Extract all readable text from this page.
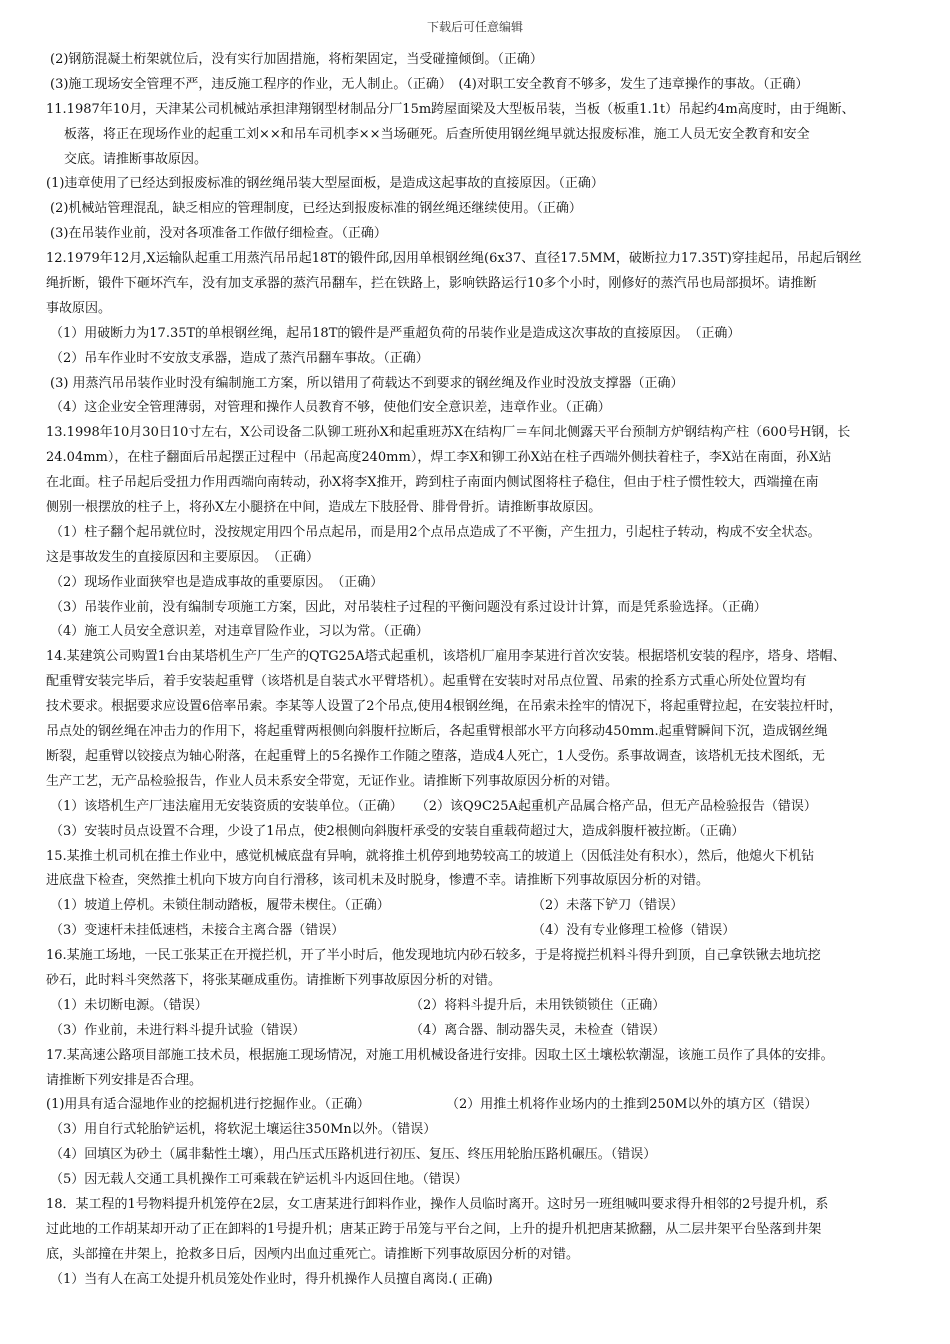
下载后可任意编辑
(2)钢筋混凝土桁架就位后，没有实行加固措施，将桁架固定，当受碰撞倾倒。（正确）
(3)施工现场安全管理不严，违反施工程序的作业，无人制止。（正确）　(4)对职工安全教育不够多，发生了违章操作的事故。（正确）
11.1987年10月，天津某公司机械站承担津翔钢型材制品分厂15m跨屋面梁及大型板吊装，当板（板重1.1t）吊起约4m高度时，由于绳断、
板落，将正在现场作业的起重工刘××和吊车司机李××当场砸死。后查所使用钢丝绳早就达报废标准，施工人员无安全教育和安全
交底。请推断事故原因。
(1)违章使用了已经达到报废标准的钢丝绳吊装大型屋面板，是造成这起事故的直接原因。（正确）
(2)机械站管理混乱，缺乏相应的管理制度，已经达到报废标准的钢丝绳还继续使用。（正确）
(3)在吊装作业前，没对各项准备工作做仔细检查。（正确）
12.1979年12月,X运输队起重工用蒸汽吊吊起18T的锻件邱,因用单根钢丝绳(6x37、直径17.5MM，破断拉力17.35T)穿挂起吊，吊起后钢丝
绳折断，锻件下砸坏汽车，没有加支承器的蒸汽吊翻车，拦在铁路上，影响铁路运行10多个小时，刚修好的蒸汽吊也局部损坏。请推断
事故原因。
（1）用破断力为17.35T的单根钢丝绳，起吊18T的锻件是严重超负荷的吊装作业是造成这次事故的直接原因。　（正确）
（2）吊车作业时不安放支承器，造成了蒸汽吊翻车事故。（正确）
(3) 用蒸汽吊吊装作业时没有编制施工方案，所以错用了荷载达不到要求的钢丝绳及作业时没放支撑器（正确）
（4）这企业安全管理薄弱，对管理和操作人员教育不够，使他们安全意识差，违章作业。（正确）
13.1998年10月30日10寸左右，X公司设备二队铆工班孙X和起重班苏X在结构厂＝车间北侧露天平台预制方炉钢结构产柱（600号H钢，长
24.04mm），在柱子翻面后吊起摆正过程中（吊起高度240mm），焊工李X和铆工孙X站在柱子西端外侧扶着柱子，李X站在南面，孙X站
在北面。柱子吊起后受扭力作用西端向南转动，孙X将李X推开，跨到柱子南面内侧试图将柱子稳住，但由于柱子惯性较大，西端撞在南
侧别一根摆放的柱子上，将孙X左小腿挤在中间，造成左下肢胫骨、腓骨骨折。请推断事故原因。
（1）柱子翻个起吊就位时，没按规定用四个吊点起吊，而是用2个点吊点造成了不平衡，产生扭力，引起柱子转动，构成不安全状态。
这是事故发生的直接原因和主要原因。　（正确）
（2）现场作业面狭窄也是造成事故的重要原因。　（正确）
（3）吊装作业前，没有编制专项施工方案，因此，对吊装柱子过程的平衡问题没有系过设计计算，而是凭系验选择。（正确）
（4）施工人员安全意识差，对违章冒险作业，习以为常。（正确）
14.某建筑公司购置1台由某塔机生产厂生产的QTG25A塔式起重机，该塔机厂雇用李某进行首次安装。根据塔机安装的程序，塔身、塔帽、
配重臂安装完毕后，着手安装起重臂（该塔机是自装式水平臂塔机）。起重臂在安装时对吊点位置、吊索的拴系方式重心所处位置均有
技术要求。根据要求应设置6倍率吊索。李某等人设置了2个吊点,使用4根钢丝绳，在吊索未拴牢的情况下，将起重臂拉起，在安装拉杆时，
吊点处的钢丝绳在冲击力的作用下，将起重臂两根侧向斜腹杆拉断后，各起重臂根部水平方向移动450mm.起重臂瞬间下沉，造成钢丝绳
断裂，起重臂以铰接点为轴心附落，在起重臂上的5名操作工作随之堕落，造成4人死亡，1人受伤。系事故调查，该塔机无技术图纸，无
生产工艺，无产品检验报告，作业人员未系安全带宽，无证作业。请推断下列事故原因分析的对错。
（1）该塔机生产厂违法雇用无安装资质的安装单位。（正确）　　（2）该Q9C25A起重机产品属合格产品，但无产品检验报告（错误）
（3）安装时员点设置不合理，少设了1吊点，使2根侧向斜腹杆承受的安装自重载荷超过大，造成斜腹杆被拉断。（正确）
15.某推土机司机在推土作业中，感觉机械底盘有异响，就将推土机停到地势较高工的坡道上（因低洼处有积水），然后，他熄火下机钻
进底盘下检查，突然推土机向下坡方向自行滑移，该司机未及时脱身，惨遭不幸。请推断下列事故原因分析的对错。
（1）坡道上停机。未锁住制动踏板，履带未楔住。（正确）	（2）未落下铲刀（错误）
（3）变速杆未挂低速档，未接合主离合器（错误）	（4）没有专业修理工检修（错误）
16.某施工场地，一民工张某正在开搅拦机，开了半小时后，他发现地坑内砂石较多，于是将搅拦机料斗得升到顶，自己拿铁锹去地坑挖
砂石，此时料斗突然落下，将张某砸成重伤。请推断下列事故原因分析的对错。
（1）未切断电源。（错误）	（2）将料斗提升后，未用铁锁锁住（正确）
（3）作业前，未进行料斗提升试验（错误）	（4）离合器、制动器失灵，未检查（错误）
17.某高速公路项目部施工技术员，根据施工现场情况，对施工用机械设备进行安排。因取土区土壤松软潮湿，该施工员作了具体的安排。
请推断下列安排是否合理。
(1)用具有适合湿地作业的挖掘机进行挖掘作业。（正确）	（2）用推土机将作业场内的土推到250M以外的填方区（错误）
（3）用自行式轮胎铲运机，将软泥土壤运往350Mn以外。（错误）
（4）回填区为砂土（属非黏性土壤），用凸压式压路机进行初压、复压、终压用轮胎压路机碾压。（错误）
（5）因无载人交通工具机操作工可乘载在铲运机斗内返回住地。（错误）
18．某工程的1号物料提升机笼停在2层，女工唐某进行卸料作业，操作人员临时离开。这时另一班组喊叫要求得升相邻的2号提升机，系
过此地的工作胡某却开动了正在卸料的1号提升机；唐某正跨于吊笼与平台之间，上升的提升机把唐某掀翻，从二层井架平台坠落到井架
底，头部撞在井架上，抢救多日后，因颅内出血过重死亡。请推断下列事故原因分析的对错。
（1）当有人在高工处提升机员笼处作业时，得升机操作人员擅自离岗.( 正确)
